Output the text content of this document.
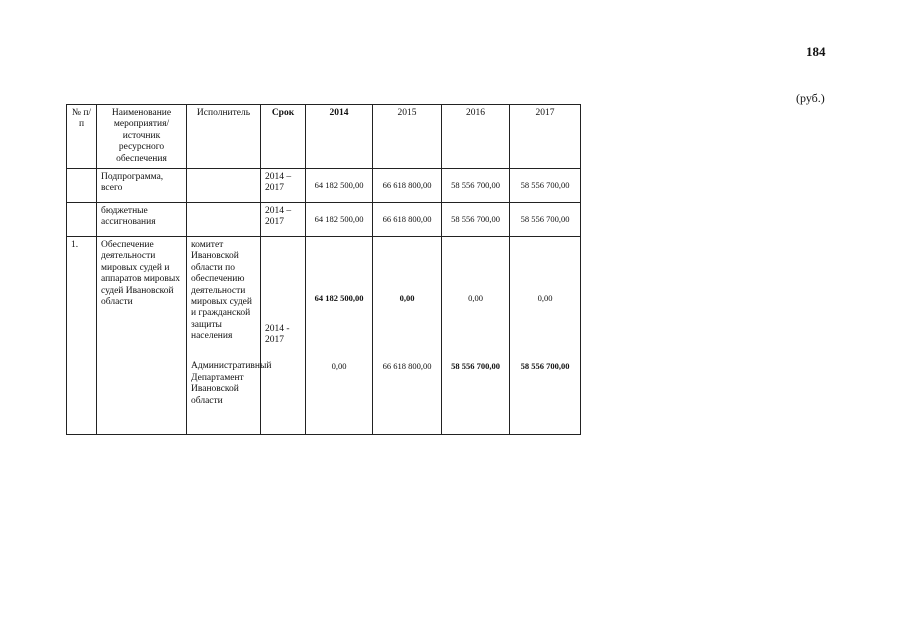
184
(руб.)
№ п/п	Наименование мероприятия/источник ресурсного обеспечения	Исполнитель	Срок	2014	2015	2016	2017
	Подпрограмма, всего		2014 – 2017	64 182 500,00	66 618 800,00	58 556 700,00	58 556 700,00
	бюджетные ассигнования		2014 – 2017	64 182 500,00	66 618 800,00	58 556 700,00	58 556 700,00
1.	Обеспечение деятельности мировых судей и аппаратов мировых судей Ивановской области	комитет Ивановской области по обеспечению деятельности мировых судей и гражданской защиты населения	2014 - 2017	64 182 500,00	0,00	0,00	0,00
		Административный Департамент Ивановской области		0,00	66 618 800,00	58 556 700,00	58 556 700,00
